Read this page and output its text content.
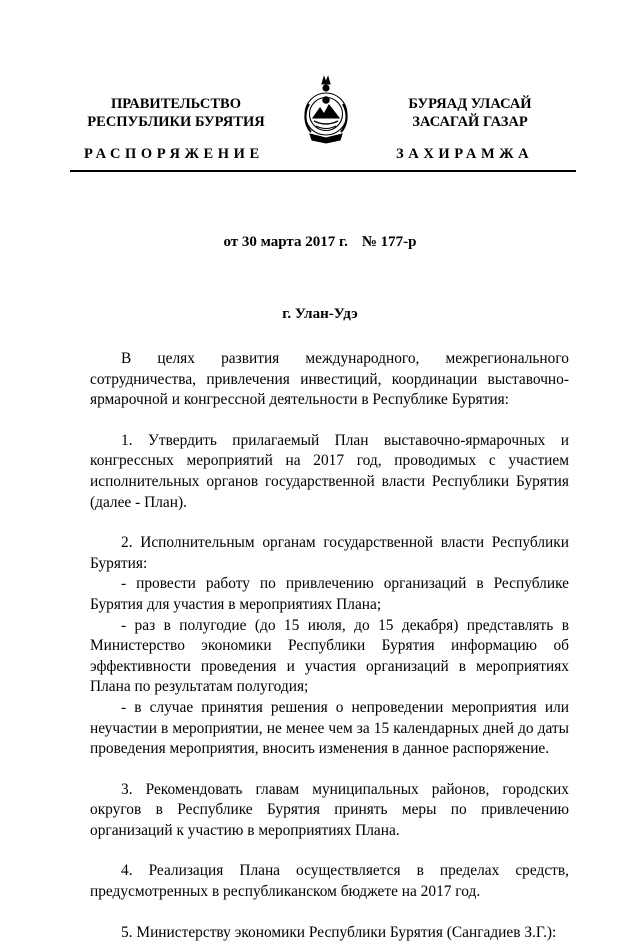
ПРАВИТЕЛЬСТВО
РЕСПУБЛИКИ БУРЯТИЯ
БУРЯАД УЛАСАЙ
ЗАСАГАЙ ГАЗАР
РАСПОРЯЖЕНИЕ	ЗАХИРАМЖА
от 30 марта 2017 г. № 177-р
г. Улан-Удэ

В целях развития международного, межрегионального сотрудничества, привлечения инвестиций, координации выставочно-ярмарочной и конгрессной деятельности в Республике Бурятия:

1. Утвердить прилагаемый План выставочно-ярмарочных и конгрессных мероприятий на 2017 год, проводимых с участием исполнительных органов государственной власти Республики Бурятия (далее - План).

2. Исполнительным органам государственной власти Республики Бурятия:

- провести работу по привлечению организаций в Республике Бурятия для участия в мероприятиях Плана;

- раз в полугодие (до 15 июля, до 15 декабря) представлять в Министерство экономики Республики Бурятия информацию об эффективности проведения и участия организаций в мероприятиях Плана по результатам полугодия;

- в случае принятия решения о непроведении мероприятия или неучастии в мероприятии, не менее чем за 15 календарных дней до даты проведения мероприятия, вносить изменения в данное распоряжение.

3. Рекомендовать главам муниципальных районов, городских округов в Республике Бурятия принять меры по привлечению организаций к участию в мероприятиях Плана.

4. Реализация Плана осуществляется в пределах средств, предусмотренных в республиканском бюджете на 2017 год.

5. Министерству экономики Республики Бурятия (Сангадиев З.Г.):
